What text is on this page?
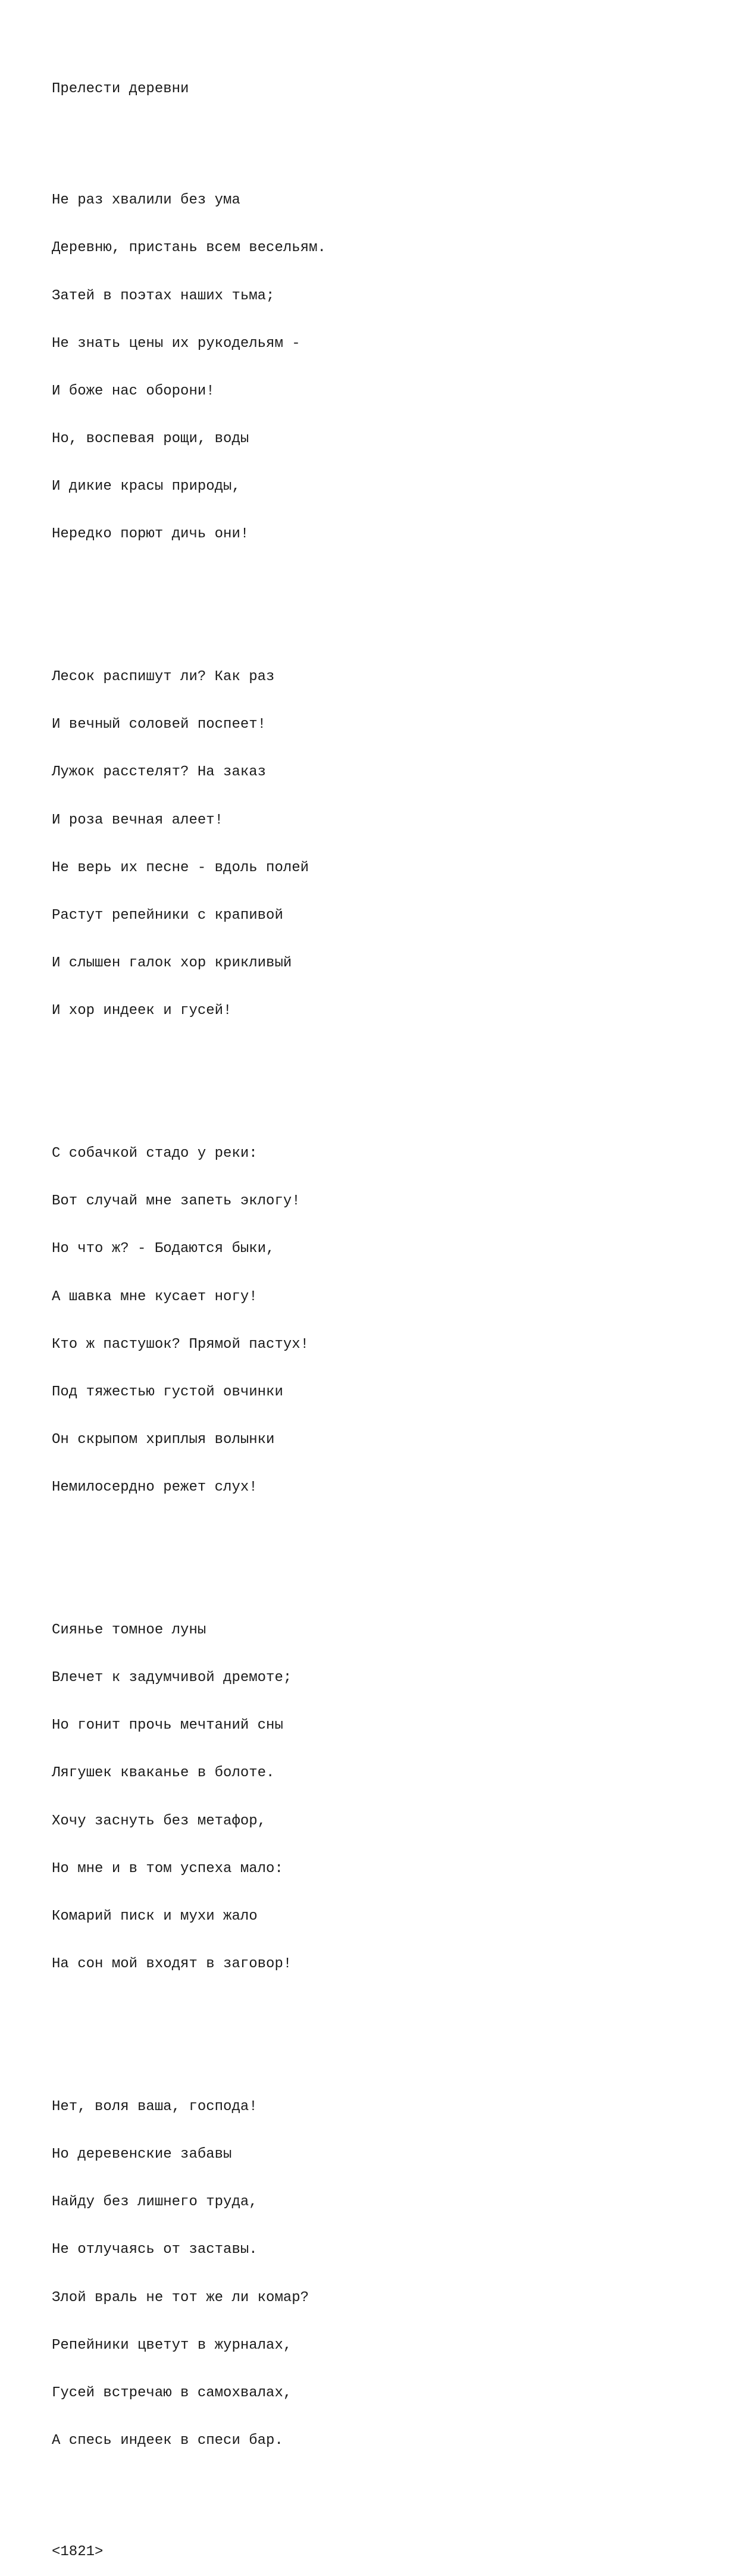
Прелести деревни

Не раз хвалили без ума

Деревню, пристань всем весельям.

Затей в поэтах наших тьма;

Не знать цены их рукодельям -

И боже нас оборони!

Но, воспевая рощи, воды

И дикие красы природы,

Нередко порют дичь они!

Лесок распишут ли? Как раз

И вечный соловей поспеет!

Лужок расстелят? На заказ

И роза вечная алеет!

Не верь их песне - вдоль полей

Растут репейники с крапивой

И слышен галок хор крикливый

И хор индеек и гусей!

С собачкой стадо у реки:

Вот случай мне запеть эклогу!

Но что ж? - Бодаются быки,

А шавка мне кусает ногу!

Кто ж пастушок? Прямой пастух!

Под тяжестью густой овчинки

Он скрыпом хриплыя волынки

Немилосердно режет слух!

Сиянье томное луны

Влечет к задумчивой дремоте;

Но гонит прочь мечтаний сны

Лягушек кваканье в болоте.

Хочу заснуть без метафор,

Но мне и в том успеха мало:

Комарий писк и мухи жало

На сон мой входят в заговор!

Нет, воля ваша, господа!

Но деревенские забавы

Найду без лишнего труда,

Не отлучаясь от заставы.

Злой враль не тот же ли комар?

Репейники цветут в журналах,

Гусей встречаю в самохвалах,

А спесь индеек в спеси бар.

<1821>
